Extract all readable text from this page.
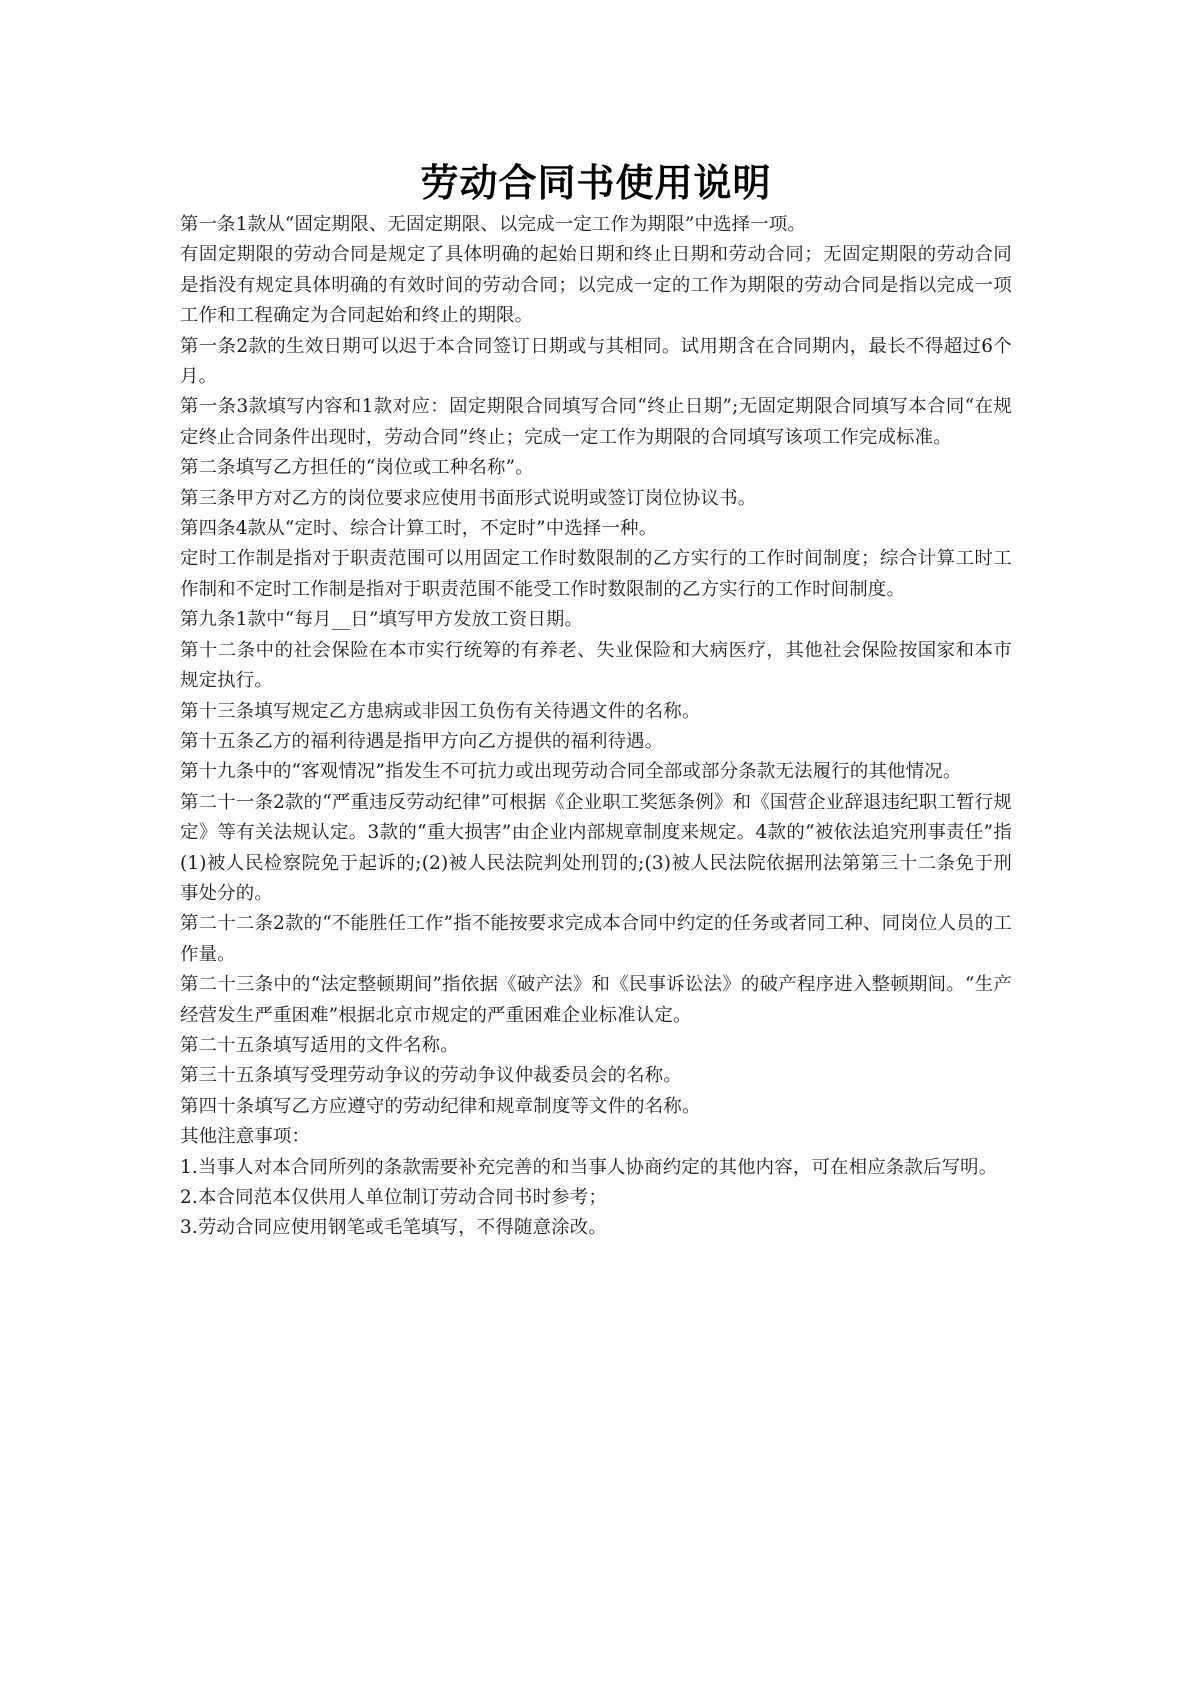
劳动合同书使用说明

第一条1款从“固定期限、无固定期限、以完成一定工作为期限”中选择一项。

有固定期限的劳动合同是规定了具体明确的起始日期和终止日期和劳动合同；无固定期限的劳动合同是指没有规定具体明确的有效时间的劳动合同；以完成一定的工作为期限的劳动合同是指以完成一项工作和工程确定为合同起始和终止的期限。

第一条2款的生效日期可以迟于本合同签订日期或与其相同。试用期含在合同期内，最长不得超过6个月。

第一条3款填写内容和1款对应：固定期限合同填写合同“终止日期”;无固定期限合同填写本合同“在规定终止合同条件出现时，劳动合同”终止；完成一定工作为期限的合同填写该项工作完成标准。

第二条填写乙方担任的“岗位或工种名称”。

第三条甲方对乙方的岗位要求应使用书面形式说明或签订岗位协议书。

第四条4款从“定时、综合计算工时，不定时”中选择一种。

定时工作制是指对于职责范围可以用固定工作时数限制的乙方实行的工作时间制度；综合计算工时工作制和不定时工作制是指对于职责范围不能受工作时数限制的乙方实行的工作时间制度。

第九条1款中“每月__日”填写甲方发放工资日期。

第十二条中的社会保险在本市实行统筹的有养老、失业保险和大病医疗，其他社会保险按国家和本市规定执行。

第十三条填写规定乙方患病或非因工负伤有关待遇文件的名称。

第十五条乙方的福利待遇是指甲方向乙方提供的福利待遇。

第十九条中的“客观情况”指发生不可抗力或出现劳动合同全部或部分条款无法履行的其他情况。

第二十一条2款的“严重违反劳动纪律”可根据《企业职工奖惩条例》和《国营企业辞退违纪职工暂行规定》等有关法规认定。3款的“重大损害”由企业内部规章制度来规定。4款的“被依法追究刑事责任”指(1)被人民检察院免于起诉的;(2)被人民法院判处刑罚的;(3)被人民法院依据刑法第第三十二条免于刑事处分的。

第二十二条2款的“不能胜任工作”指不能按要求完成本合同中约定的任务或者同工种、同岗位人员的工作量。

第二十三条中的“法定整顿期间”指依据《破产法》和《民事诉讼法》的破产程序进入整顿期间。“生产经营发生严重困难”根据北京市规定的严重困难企业标准认定。

第二十五条填写适用的文件名称。

第三十五条填写受理劳动争议的劳动争议仲裁委员会的名称。

第四十条填写乙方应遵守的劳动纪律和规章制度等文件的名称。

其他注意事项：

1.当事人对本合同所列的条款需要补充完善的和当事人协商约定的其他内容，可在相应条款后写明。

2.本合同范本仅供用人单位制订劳动合同书时参考；

3.劳动合同应使用钢笔或毛笔填写，不得随意涂改。
